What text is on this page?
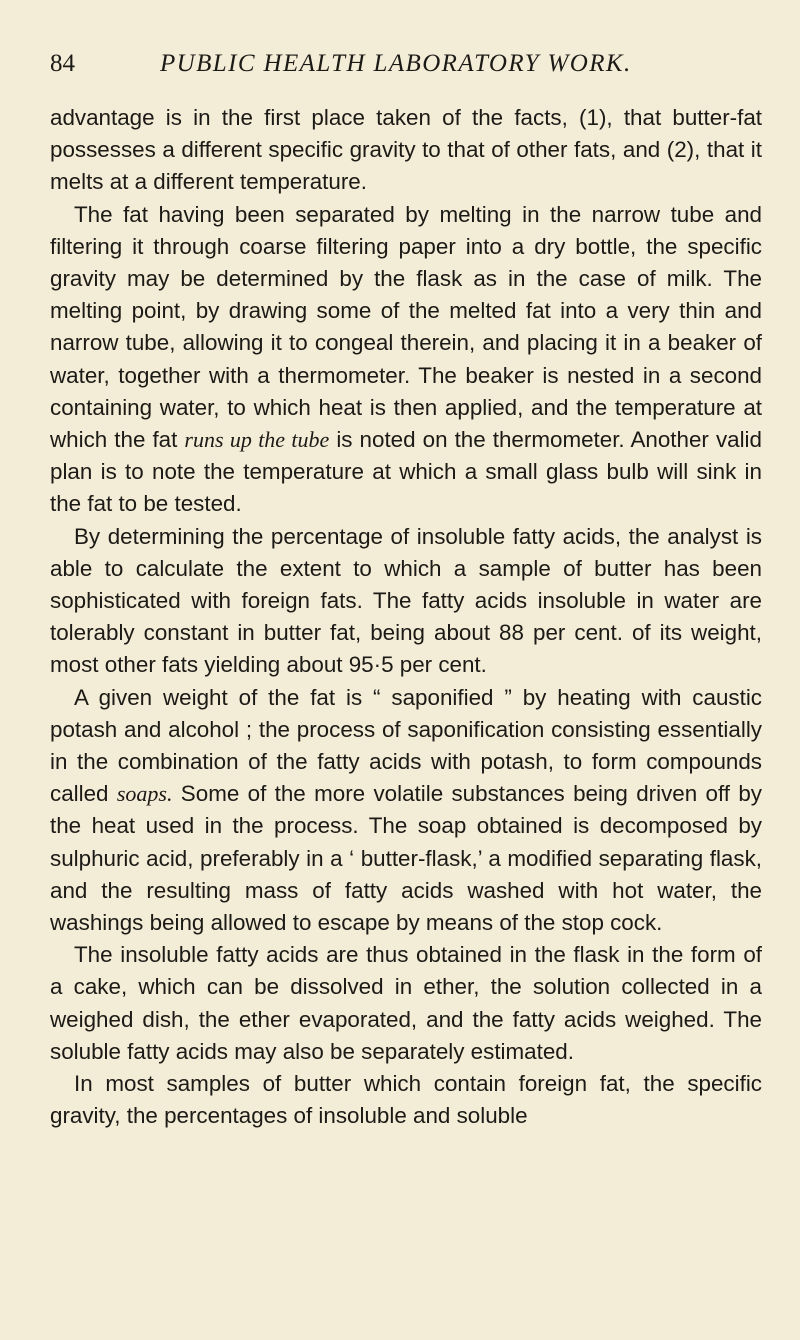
84	PUBLIC HEALTH LABORATORY WORK.

advantage is in the first place taken of the facts, (1), that butter-fat possesses a different specific gravity to that of other fats, and (2), that it melts at a different temperature.

The fat having been separated by melting in the narrow tube and filtering it through coarse filtering paper into a dry bottle, the specific gravity may be determined by the flask as in the case of milk. The melting point, by drawing some of the melted fat into a very thin and narrow tube, allowing it to congeal therein, and placing it in a beaker of water, together with a thermometer. The beaker is nested in a second containing water, to which heat is then applied, and the temperature at which the fat runs up the tube is noted on the thermometer. Another valid plan is to note the temperature at which a small glass bulb will sink in the fat to be tested.

By determining the percentage of insoluble fatty acids, the analyst is able to calculate the extent to which a sample of butter has been sophisticated with foreign fats. The fatty acids insoluble in water are tolerably constant in butter fat, being about 88 per cent. of its weight, most other fats yielding about 95·5 per cent.

A given weight of the fat is “ saponified ” by heating with caustic potash and alcohol ; the process of saponification consisting essentially in the combination of the fatty acids with potash, to form compounds called soaps. Some of the more volatile substances being driven off by the heat used in the process. The soap obtained is decomposed by sulphuric acid, preferably in a ‘ butter-flask,’ a modified separating flask, and the resulting mass of fatty acids washed with hot water, the washings being allowed to escape by means of the stop cock.

The insoluble fatty acids are thus obtained in the flask in the form of a cake, which can be dissolved in ether, the solution collected in a weighed dish, the ether evaporated, and the fatty acids weighed. The soluble fatty acids may also be separately estimated.

In most samples of butter which contain foreign fat, the specific gravity, the percentages of insoluble and soluble
